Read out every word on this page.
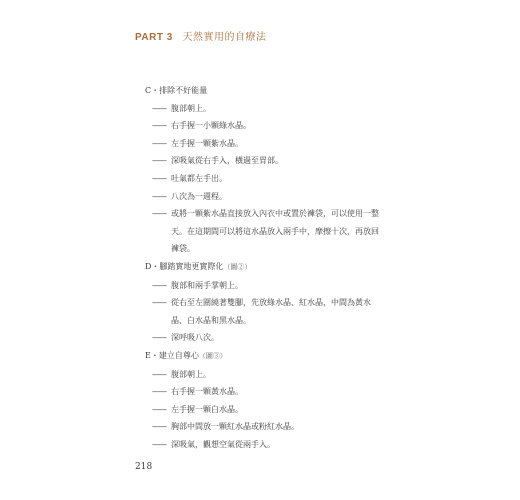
PART 3 天然實用的自療法
C・排除不好能量
—— 腹部朝上。
—— 右手握一小顆綠水晶。
—— 左手握一顆紫水晶。
—— 深吸氣從右手入，橫過至胃部。
—— 吐氣都左手出。
—— 八次為一週程。
—— 或將一顆紫水晶直接放入內衣中或置於褲袋，可以使用一整天。在這期間可以將這水晶放入兩手中，摩擦十次，再放回褲袋。
D・腳踏實地更實際化（圖②）
—— 腹部和兩手掌朝上。
—— 從右至左圍繞著雙腳，先放綠水晶、紅水晶，中間為黃水晶、白水晶和黑水晶。
—— 深呼吸八次。
E・建立自尊心（圖③）
—— 腹部朝上。
—— 右手握一顆黃水晶。
—— 左手握一顆白水晶。
—— 胸部中間放一顆紅水晶或粉紅水晶。
—— 深吸氣，觀想空氣從兩手入。
218
